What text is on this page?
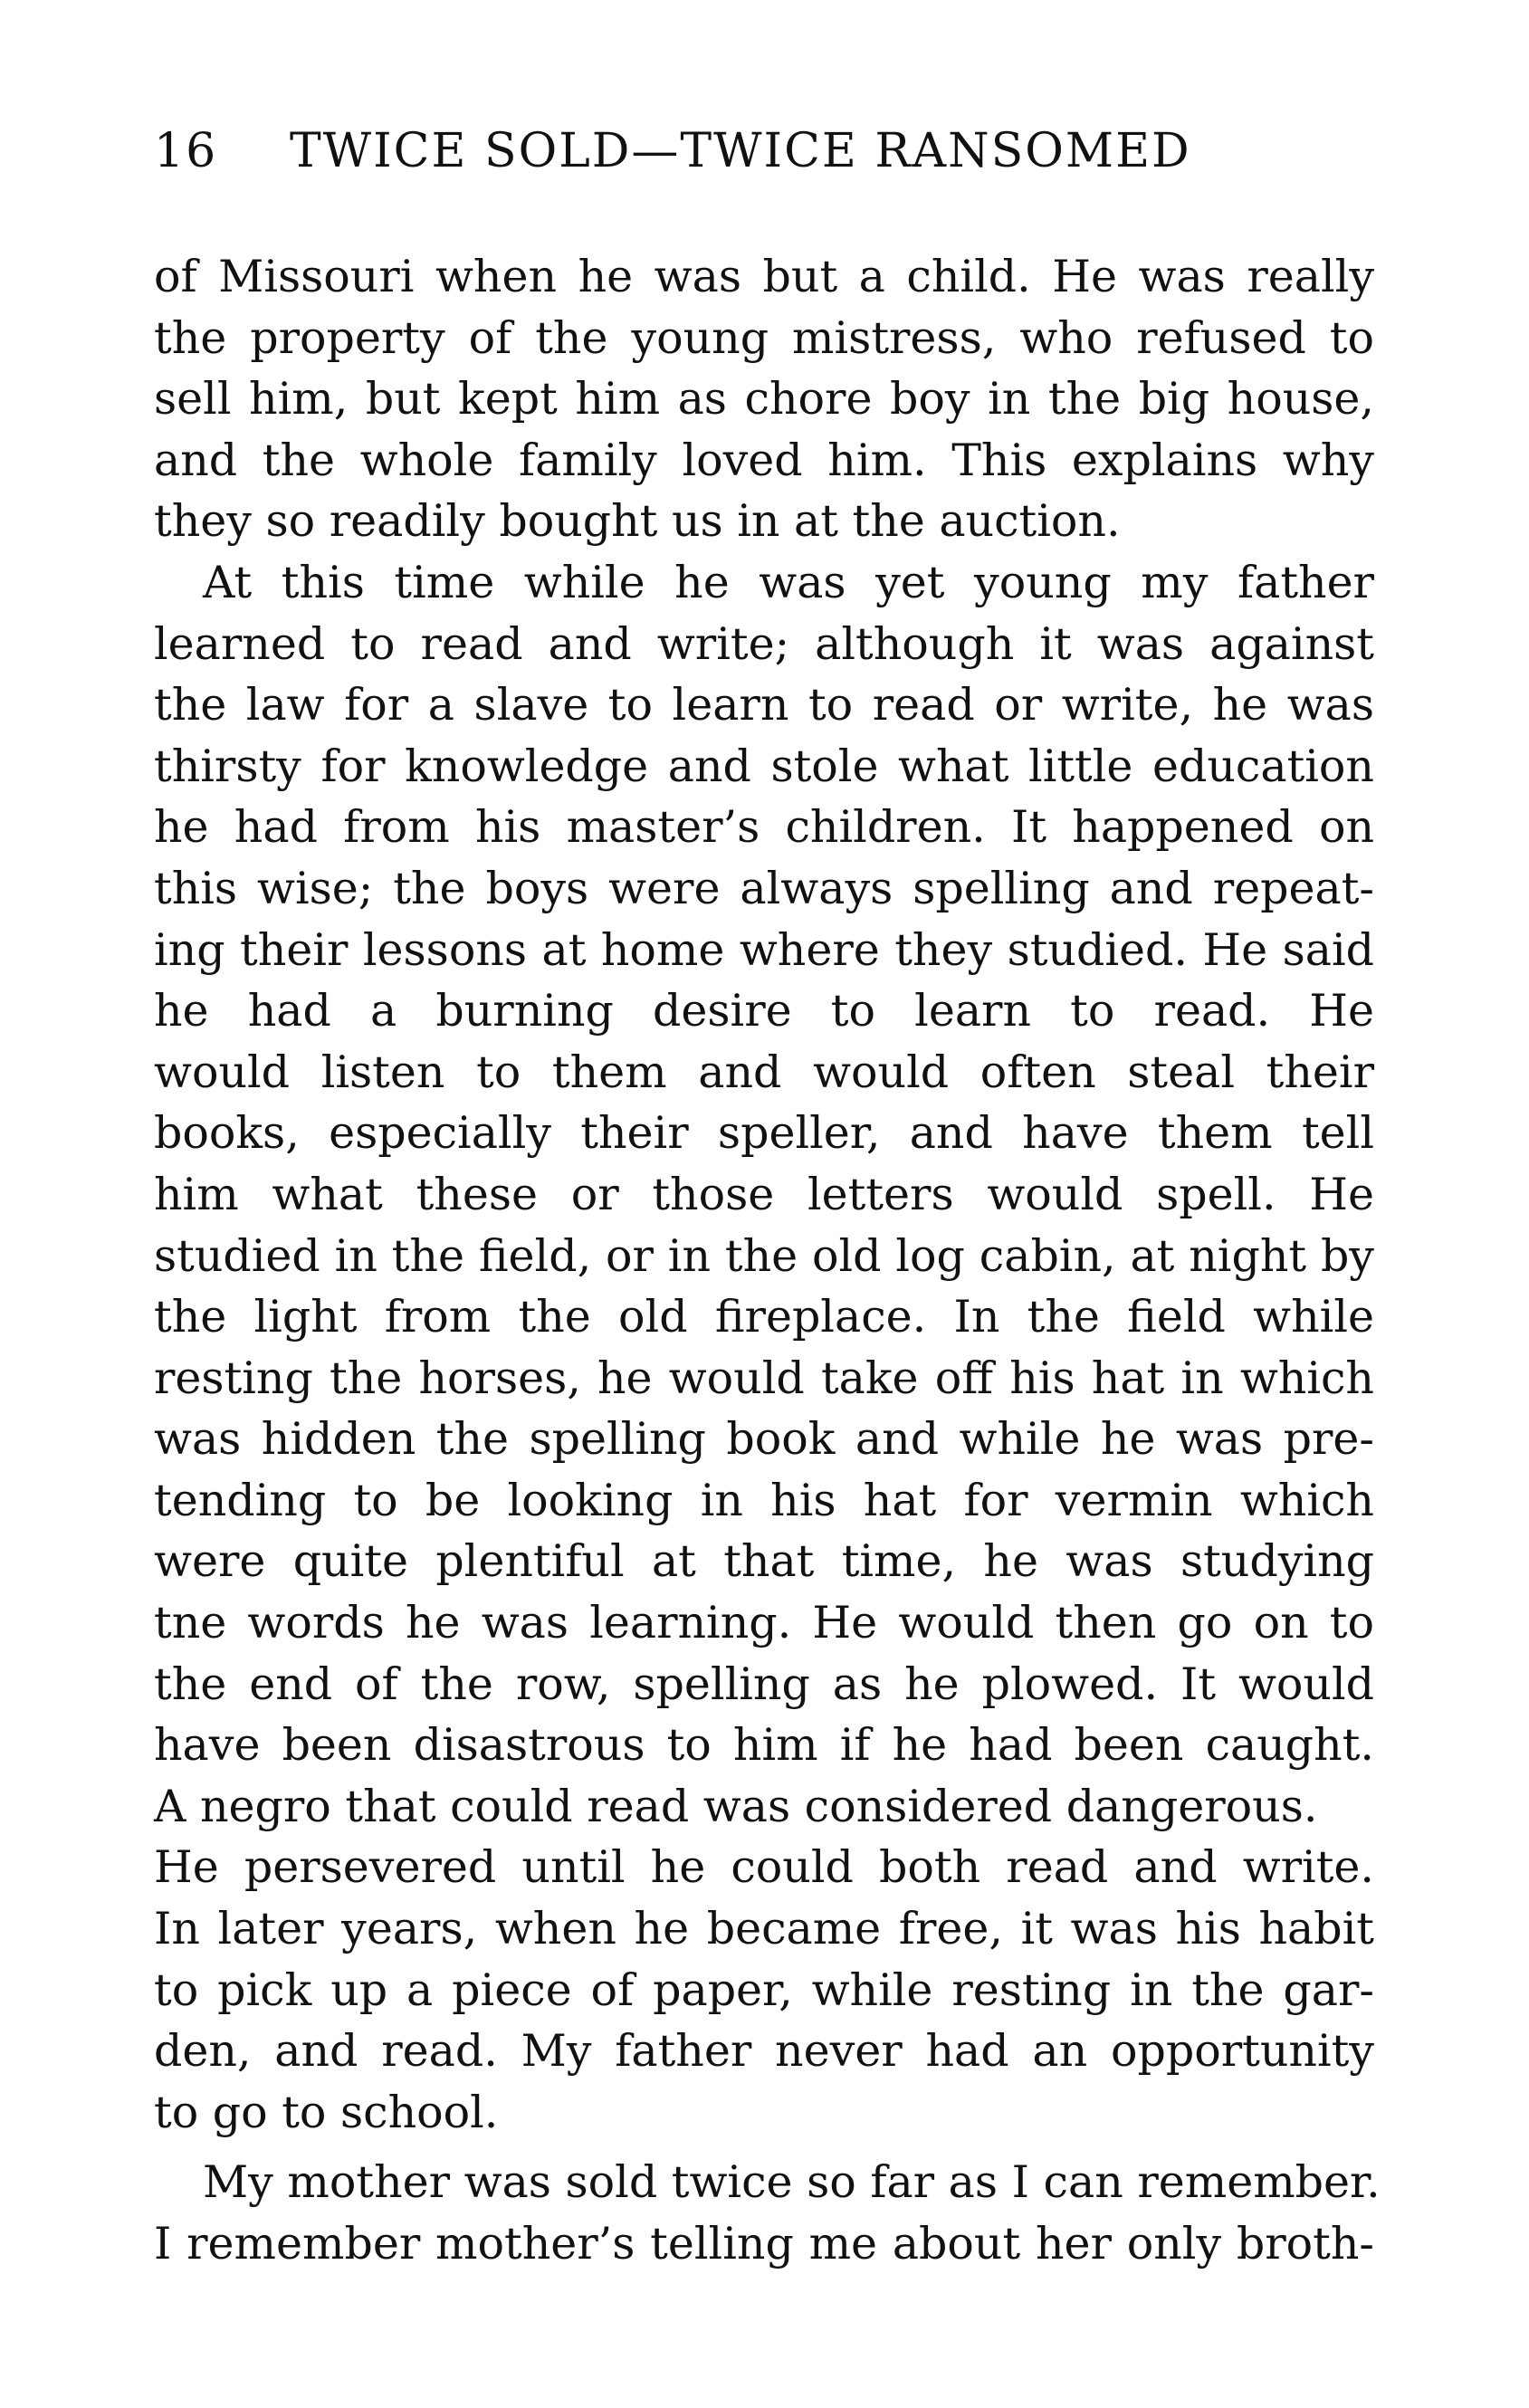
16 TWICE SOLD—TWICE RANSOMED
of Missouri when he was but a child. He was really
the property of the young mistress, who refused to
sell him, but kept him as chore boy in the big house,
and the whole family loved him. This explains why
they so readily bought us in at the auction.
At this time while he was yet young my father
learned to read and write; although it was against
the law for a slave to learn to read or write, he was
thirsty for knowledge and stole what little education
he had from his master’s children. It happened on
this wise; the boys were always spelling and repeat-
ing their lessons at home where they studied. He said
he had a burning desire to learn to read. He
would listen to them and would often steal their
books, especially their speller, and have them tell
him what these or those letters would spell. He
studied in the field, or in the old log cabin, at night by
the light from the old fireplace. In the field while
resting the horses, he would take off his hat in which
was hidden the spelling book and while he was pre-
tending to be looking in his hat for vermin which
were quite plentiful at that time, he was studying
tne words he was learning. He would then go on to
the end of the row, spelling as he plowed. It would
have been disastrous to him if he had been caught.
A negro that could read was considered dangerous.
He persevered until he could both read and write.
In later years, when he became free, it was his habit
to pick up a piece of paper, while resting in the gar-
den, and read. My father never had an opportunity
to go to school.
My mother was sold twice so far as I can remember.
I remember mother’s telling me about her only broth-
